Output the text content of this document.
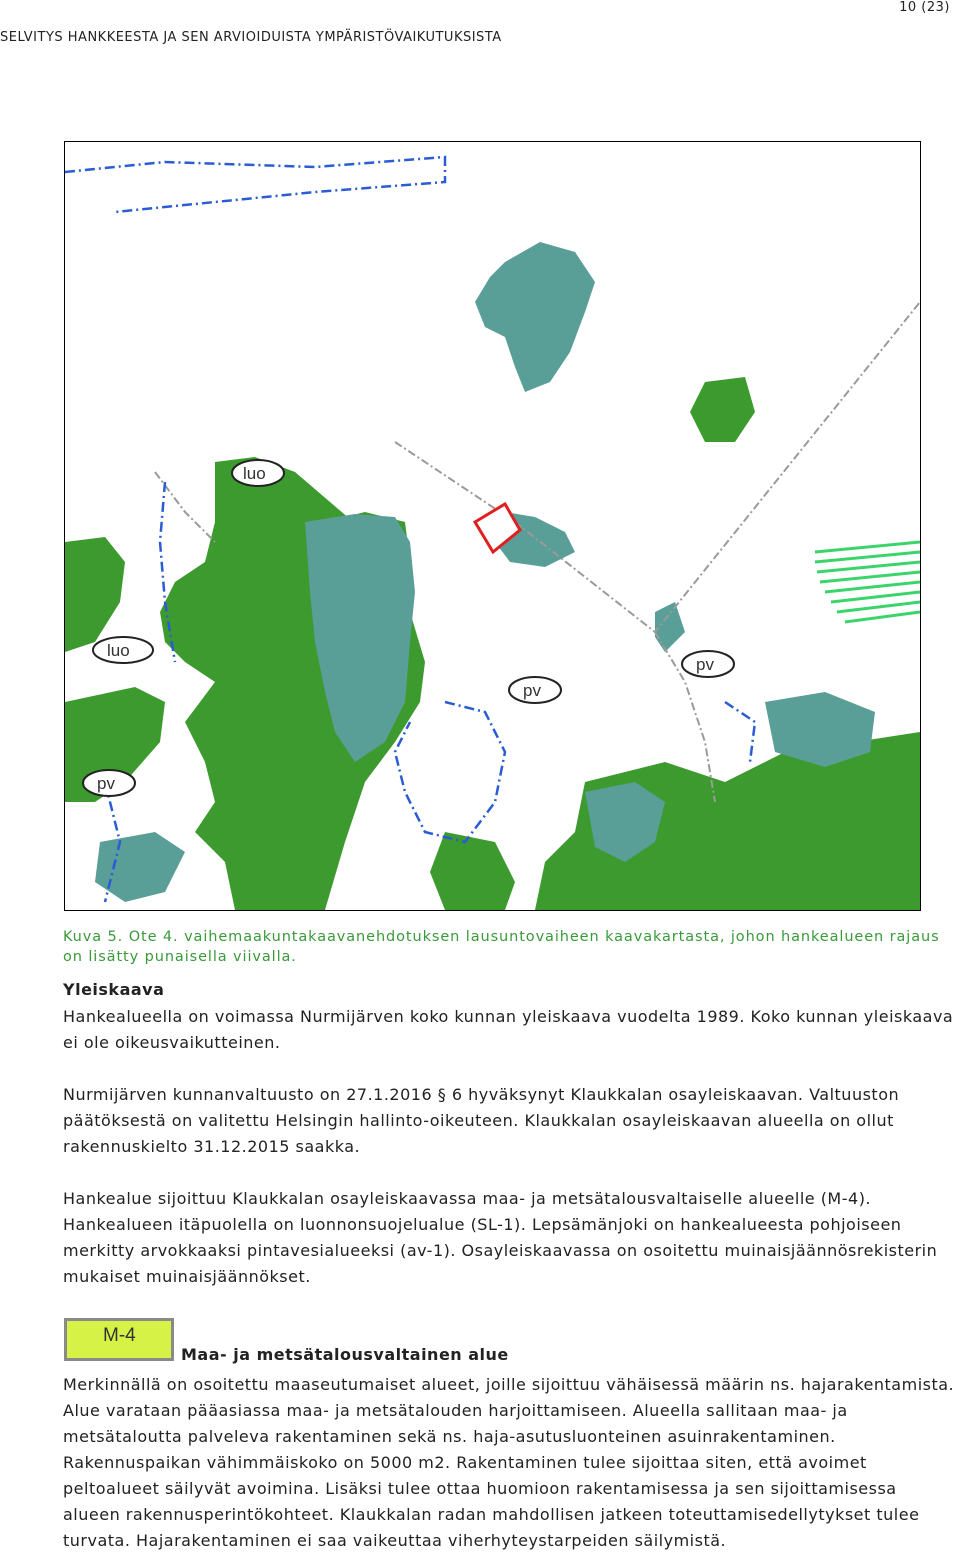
10 (23)
SELVITYS HANKKEESTA JA SEN ARVIOIDUISTA YMPÄRISTÖVAIKUTUKSISTA
luo
luo
pv
pv
pv
Kuva 5. Ote 4. vaihemaakuntakaavanehdotuksen lausuntovaiheen kaavakartasta, johon hankealueen rajaus on lisätty punaisella viivalla.
Yleiskaava
Hankealueella on voimassa Nurmijärven koko kunnan yleiskaava vuodelta 1989. Koko kunnan yleiskaava ei ole oikeusvaikutteinen.
Nurmijärven kunnanvaltuusto on 27.1.2016 § 6 hyväksynyt Klaukkalan osayleiskaavan. Valtuuston päätöksestä on valitettu Helsingin hallinto-oikeuteen. Klaukkalan osayleiskaavan alueella on ollut rakennuskielto 31.12.2015 saakka.
Hankealue sijoittuu Klaukkalan osayleiskaavassa maa- ja metsätalousvaltaiselle alueelle (M-4). Hankealueen itäpuolella on luonnonsuojelualue (SL-1). Lepsämänjoki on hankealueesta pohjoiseen merkitty arvokkaaksi pintavesialueeksi (av-1). Osayleiskaavassa on osoitettu muinaisjäännösrekisterin mukaiset muinaisjäännökset.
M-4
Maa- ja metsätalousvaltainen alue
Merkinnällä on osoitettu maaseutumaiset alueet, joille sijoittuu vähäisessä määrin ns. hajarakentamista. Alue varataan pääasiassa maa- ja metsätalouden harjoittamiseen. Alueella sallitaan maa- ja metsätaloutta palveleva rakentaminen sekä ns. haja-asutusluonteinen asuinrakentaminen. Rakennuspaikan vähimmäiskoko on 5000 m2. Rakentaminen tulee sijoittaa siten, että avoimet peltoalueet säilyvät avoimina. Lisäksi tulee ottaa huomioon rakentamisessa ja sen sijoittamisessa alueen rakennusperintökohteet. Klaukkalan radan mahdollisen jatkeen toteuttamisedellytykset tulee turvata. Hajarakentaminen ei saa vaikeuttaa viherhyteystarpeiden säilymistä.
